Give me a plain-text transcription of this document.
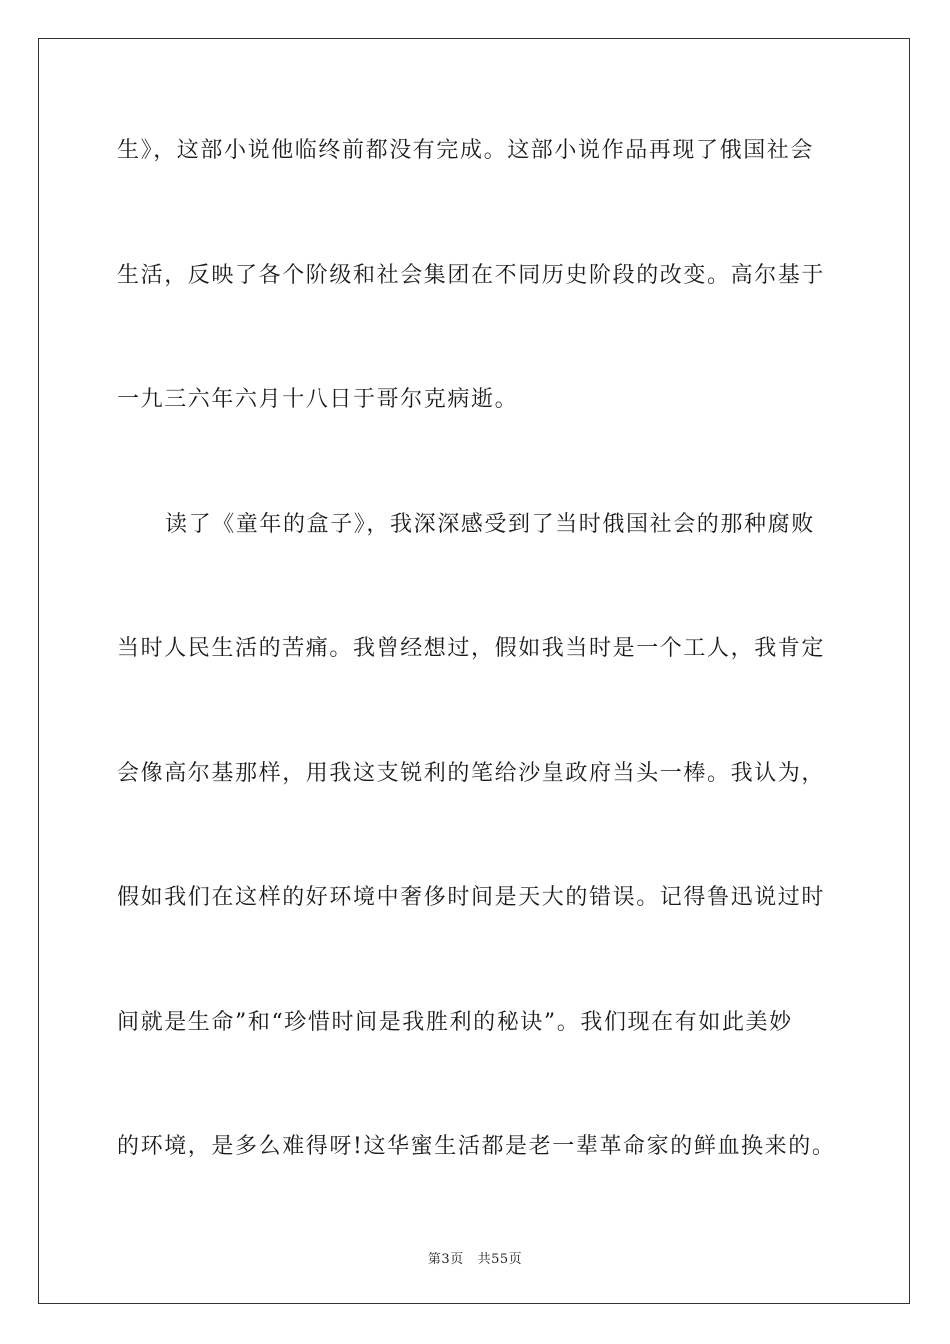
生》，这部小说他临终前都没有完成。这部小说作品再现了俄国社会
生活，反映了各个阶级和社会集团在不同历史阶段的改变。高尔基于
一九三六年六月十八日于哥尔克病逝。
读了《童年的盒子》，我深深感受到了当时俄国社会的那种腐败
当时人民生活的苦痛。我曾经想过，假如我当时是一个工人，我肯定
会像高尔基那样，用我这支锐利的笔给沙皇政府当头一棒。我认为，
假如我们在这样的好环境中奢侈时间是天大的错误。记得鲁迅说过时
间就是生命”和“珍惜时间是我胜利的秘诀”。我们现在有如此美妙
的环境，是多么难得呀!这华蜜生活都是老一辈革命家的鲜血换来的。
第3页 共55页
